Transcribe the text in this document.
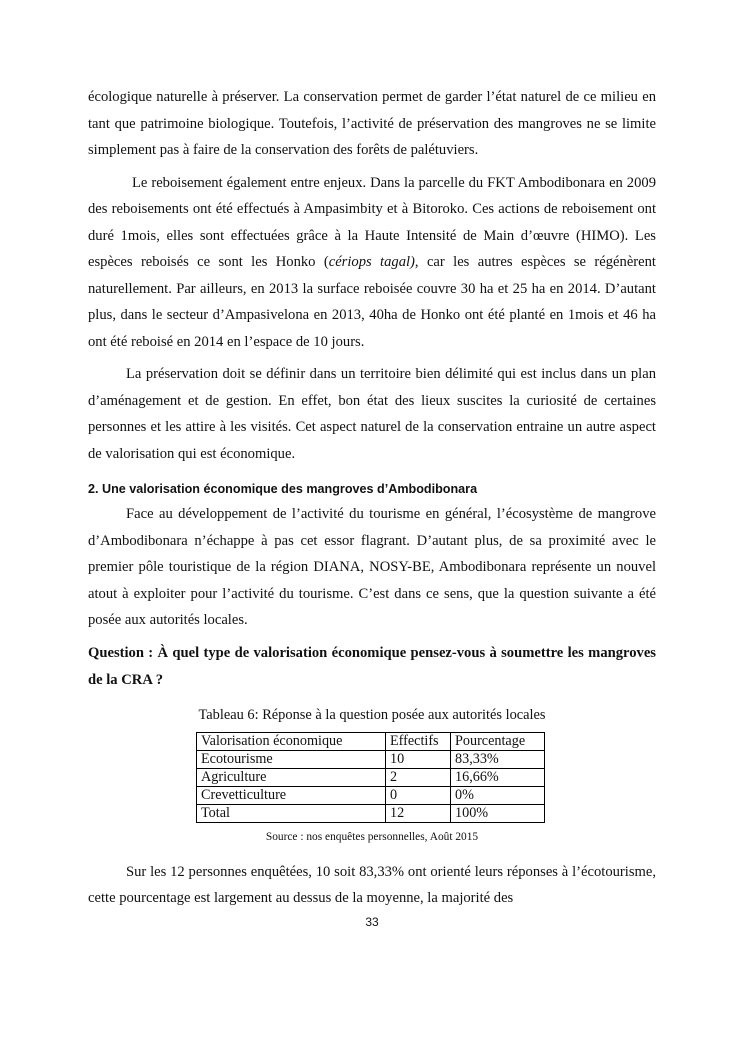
écologique naturelle à préserver. La conservation permet de garder l’état naturel de ce milieu en tant que patrimoine biologique. Toutefois, l’activité de préservation des mangroves ne se limite simplement pas à faire de la conservation des forêts de palétuviers.

Le reboisement également entre enjeux. Dans la parcelle du FKT Ambodibonara en 2009 des reboisements ont été effectués à Ampasimbity et à Bitoroko. Ces actions de reboisement ont duré 1mois, elles sont effectuées grâce à la Haute Intensité de Main d’œuvre (HIMO). Les espèces reboisés ce sont les Honko (cériops tagal), car les autres espèces se régénèrent naturellement. Par ailleurs, en 2013 la surface reboisée couvre 30 ha et 25 ha en 2014. D’autant plus, dans le secteur d’Ampasivelona en 2013, 40ha de Honko ont été planté en 1mois et 46 ha ont été reboisé en 2014 en l’espace de 10 jours.

La préservation doit se définir dans un territoire bien délimité qui est inclus dans un plan d’aménagement et de gestion. En effet, bon état des lieux suscites la curiosité de certaines personnes et les attire à les visités. Cet aspect naturel de la conservation entraine un autre aspect de valorisation qui est économique.

2. Une valorisation économique des mangroves d’Ambodibonara

Face au développement de l’activité du tourisme en général, l’écosystème de mangrove d’Ambodibonara n’échappe à pas cet essor flagrant. D’autant plus, de sa proximité avec le premier pôle touristique de la région DIANA, NOSY-BE, Ambodibonara représente un nouvel atout à exploiter pour l’activité du tourisme. C’est dans ce sens, que la question suivante a été posée aux autorités locales.

Question : À quel type de valorisation économique pensez-vous à soumettre les mangroves de la CRA ?

Tableau 6: Réponse à la question posée aux autorités locales

Valorisation économique	Effectifs	Pourcentage
Ecotourisme	10	83,33%
Agriculture	2	16,66%
Crevetticulture	0	0%
Total	12	100%

Source : nos enquêtes personnelles, Août 2015

Sur les 12 personnes enquêtées, 10 soit 83,33% ont orienté leurs réponses à l’écotourisme, cette pourcentage est largement au dessus de la moyenne, la majorité des

33
